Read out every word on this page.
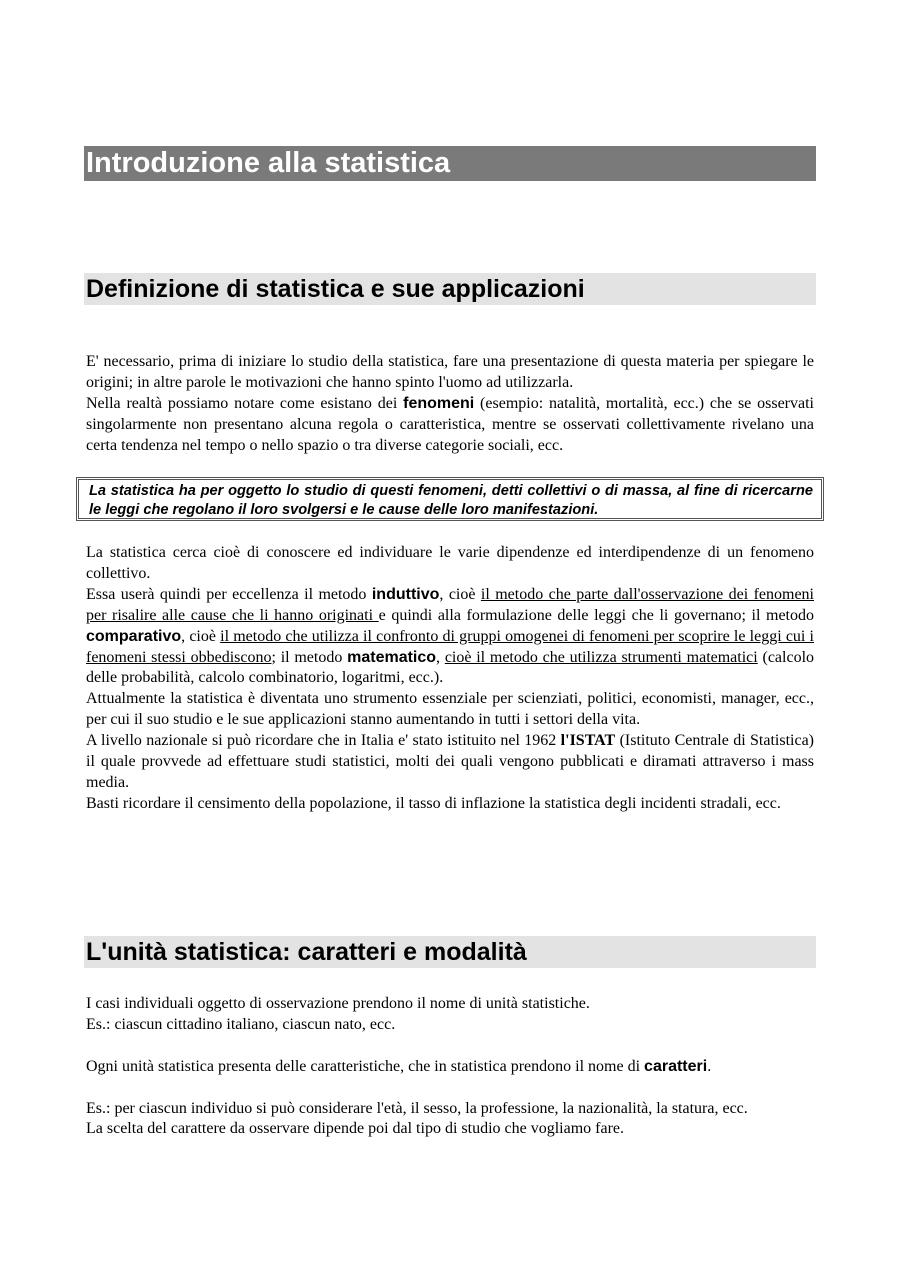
Introduzione alla statistica
Definizione di statistica e sue applicazioni

E' necessario, prima di iniziare lo studio della statistica, fare una presentazione di questa materia per spiegare le origini; in altre parole le motivazioni che hanno spinto l'uomo ad utilizzarla.

Nella realtà possiamo notare come esistano dei fenomeni (esempio: natalità, mortalità, ecc.) che se osservati singolarmente non presentano alcuna regola o caratteristica, mentre se osservati collettivamente rivelano una certa tendenza nel tempo o nello spazio o tra diverse categorie sociali, ecc.

La statistica ha per oggetto lo studio di questi fenomeni, detti collettivi o di massa, al fine di ricercarne le leggi che regolano il loro svolgersi e le cause delle loro manifestazioni.

La statistica cerca cioè di conoscere ed individuare le varie dipendenze ed interdipendenze di un fenomeno collettivo.

Essa userà quindi per eccellenza il metodo induttivo, cioè il metodo che parte dall'osservazione dei fenomeni per risalire alle cause che li hanno originati e quindi alla formulazione delle leggi che li governano; il metodo comparativo, cioè il metodo che utilizza il confronto di gruppi omogenei di fenomeni per scoprire le leggi cui i fenomeni stessi obbediscono; il metodo matematico, cioè il metodo che utilizza strumenti matematici (calcolo delle probabilità, calcolo combinatorio, logaritmi, ecc.).

Attualmente la statistica è diventata uno strumento essenziale per scienziati, politici, economisti, manager, ecc., per cui il suo studio e le sue applicazioni stanno aumentando in tutti i settori della vita.

A livello nazionale si può ricordare che in Italia e' stato istituito nel 1962 l'ISTAT (Istituto Centrale di Statistica) il quale provvede ad effettuare studi statistici, molti dei quali vengono pubblicati e diramati attraverso i mass media.

Basti ricordare il censimento della popolazione, il tasso di inflazione la statistica degli incidenti stradali, ecc.

L'unità statistica: caratteri e modalità

I casi individuali oggetto di osservazione prendono il nome di unità statistiche.

Es.: ciascun cittadino italiano, ciascun nato, ecc.

Ogni unità statistica presenta delle caratteristiche, che in statistica prendono il nome di caratteri.

Es.: per ciascun individuo si può considerare l'età, il sesso, la professione, la nazionalità, la statura, ecc.

La scelta del carattere da osservare dipende poi dal tipo di studio che vogliamo fare.
